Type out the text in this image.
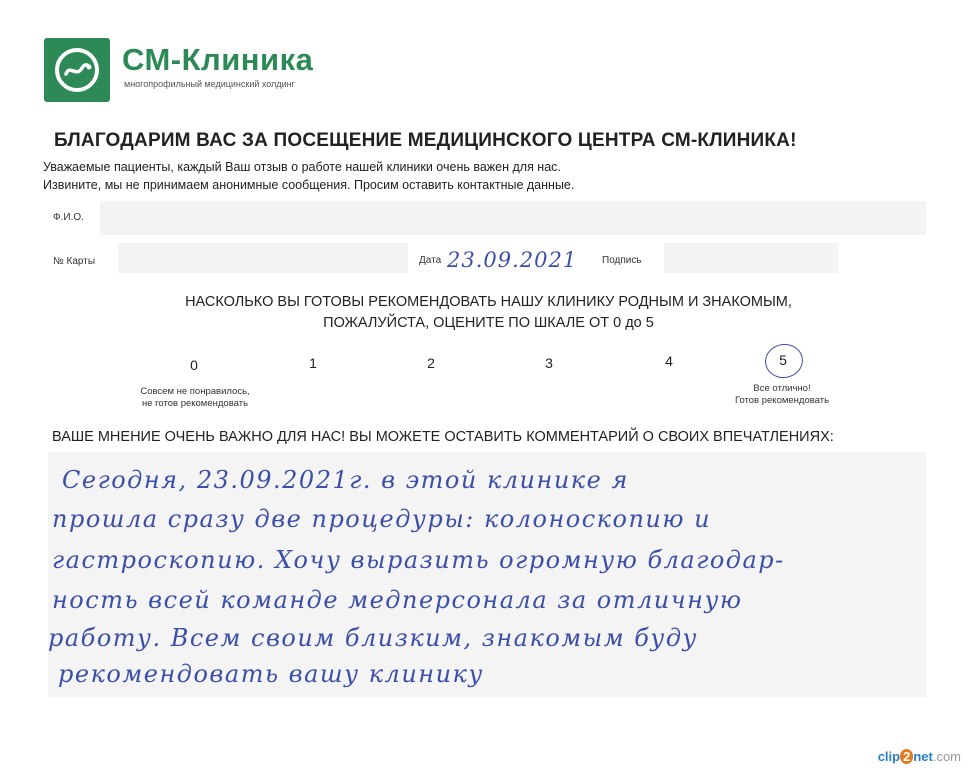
СМ-Клиника
многопрофильный медицинский холдинг
БЛАГОДАРИМ ВАС ЗА ПОСЕЩЕНИЕ МЕДИЦИНСКОГО ЦЕНТРА СМ-КЛИНИКА!
Уважаемые пациенты, каждый Ваш отзыв о работе нашей клиники очень важен для нас.
Извините, мы не принимаем анонимные сообщения. Просим оставить контактные данные.
Ф.И.О.
№ Карты	Дата 23.09.2021 Подпись
НАСКОЛЬКО ВЫ ГОТОВЫ РЕКОМЕНДОВАТЬ НАШУ КЛИНИКУ РОДНЫМ И ЗНАКОМЫМ,
ПОЖАЛУЙСТА, ОЦЕНИТЕ ПО ШКАЛЕ ОТ 0 до 5
0	1	2	3	4	5
Совсем не понравилось,
не готов рекомендовать
Все отлично!
Готов рекомендовать
ВАШЕ МНЕНИЕ ОЧЕНЬ ВАЖНО ДЛЯ НАС! ВЫ МОЖЕТЕ ОСТАВИТЬ КОММЕНТАРИЙ О СВОИХ ВПЕЧАТЛЕНИЯХ:
Сегодня, 23.09.2021г. в этой клинике я
прошла сразу две процедуры: колоноскопию и
гастроскопию. Хочу выразить огромную благодар-
ность всей команде медперсонала за отличную
работу. Всем своим близким, знакомым буду
рекомендовать вашу клинику
clip 2 net.com
